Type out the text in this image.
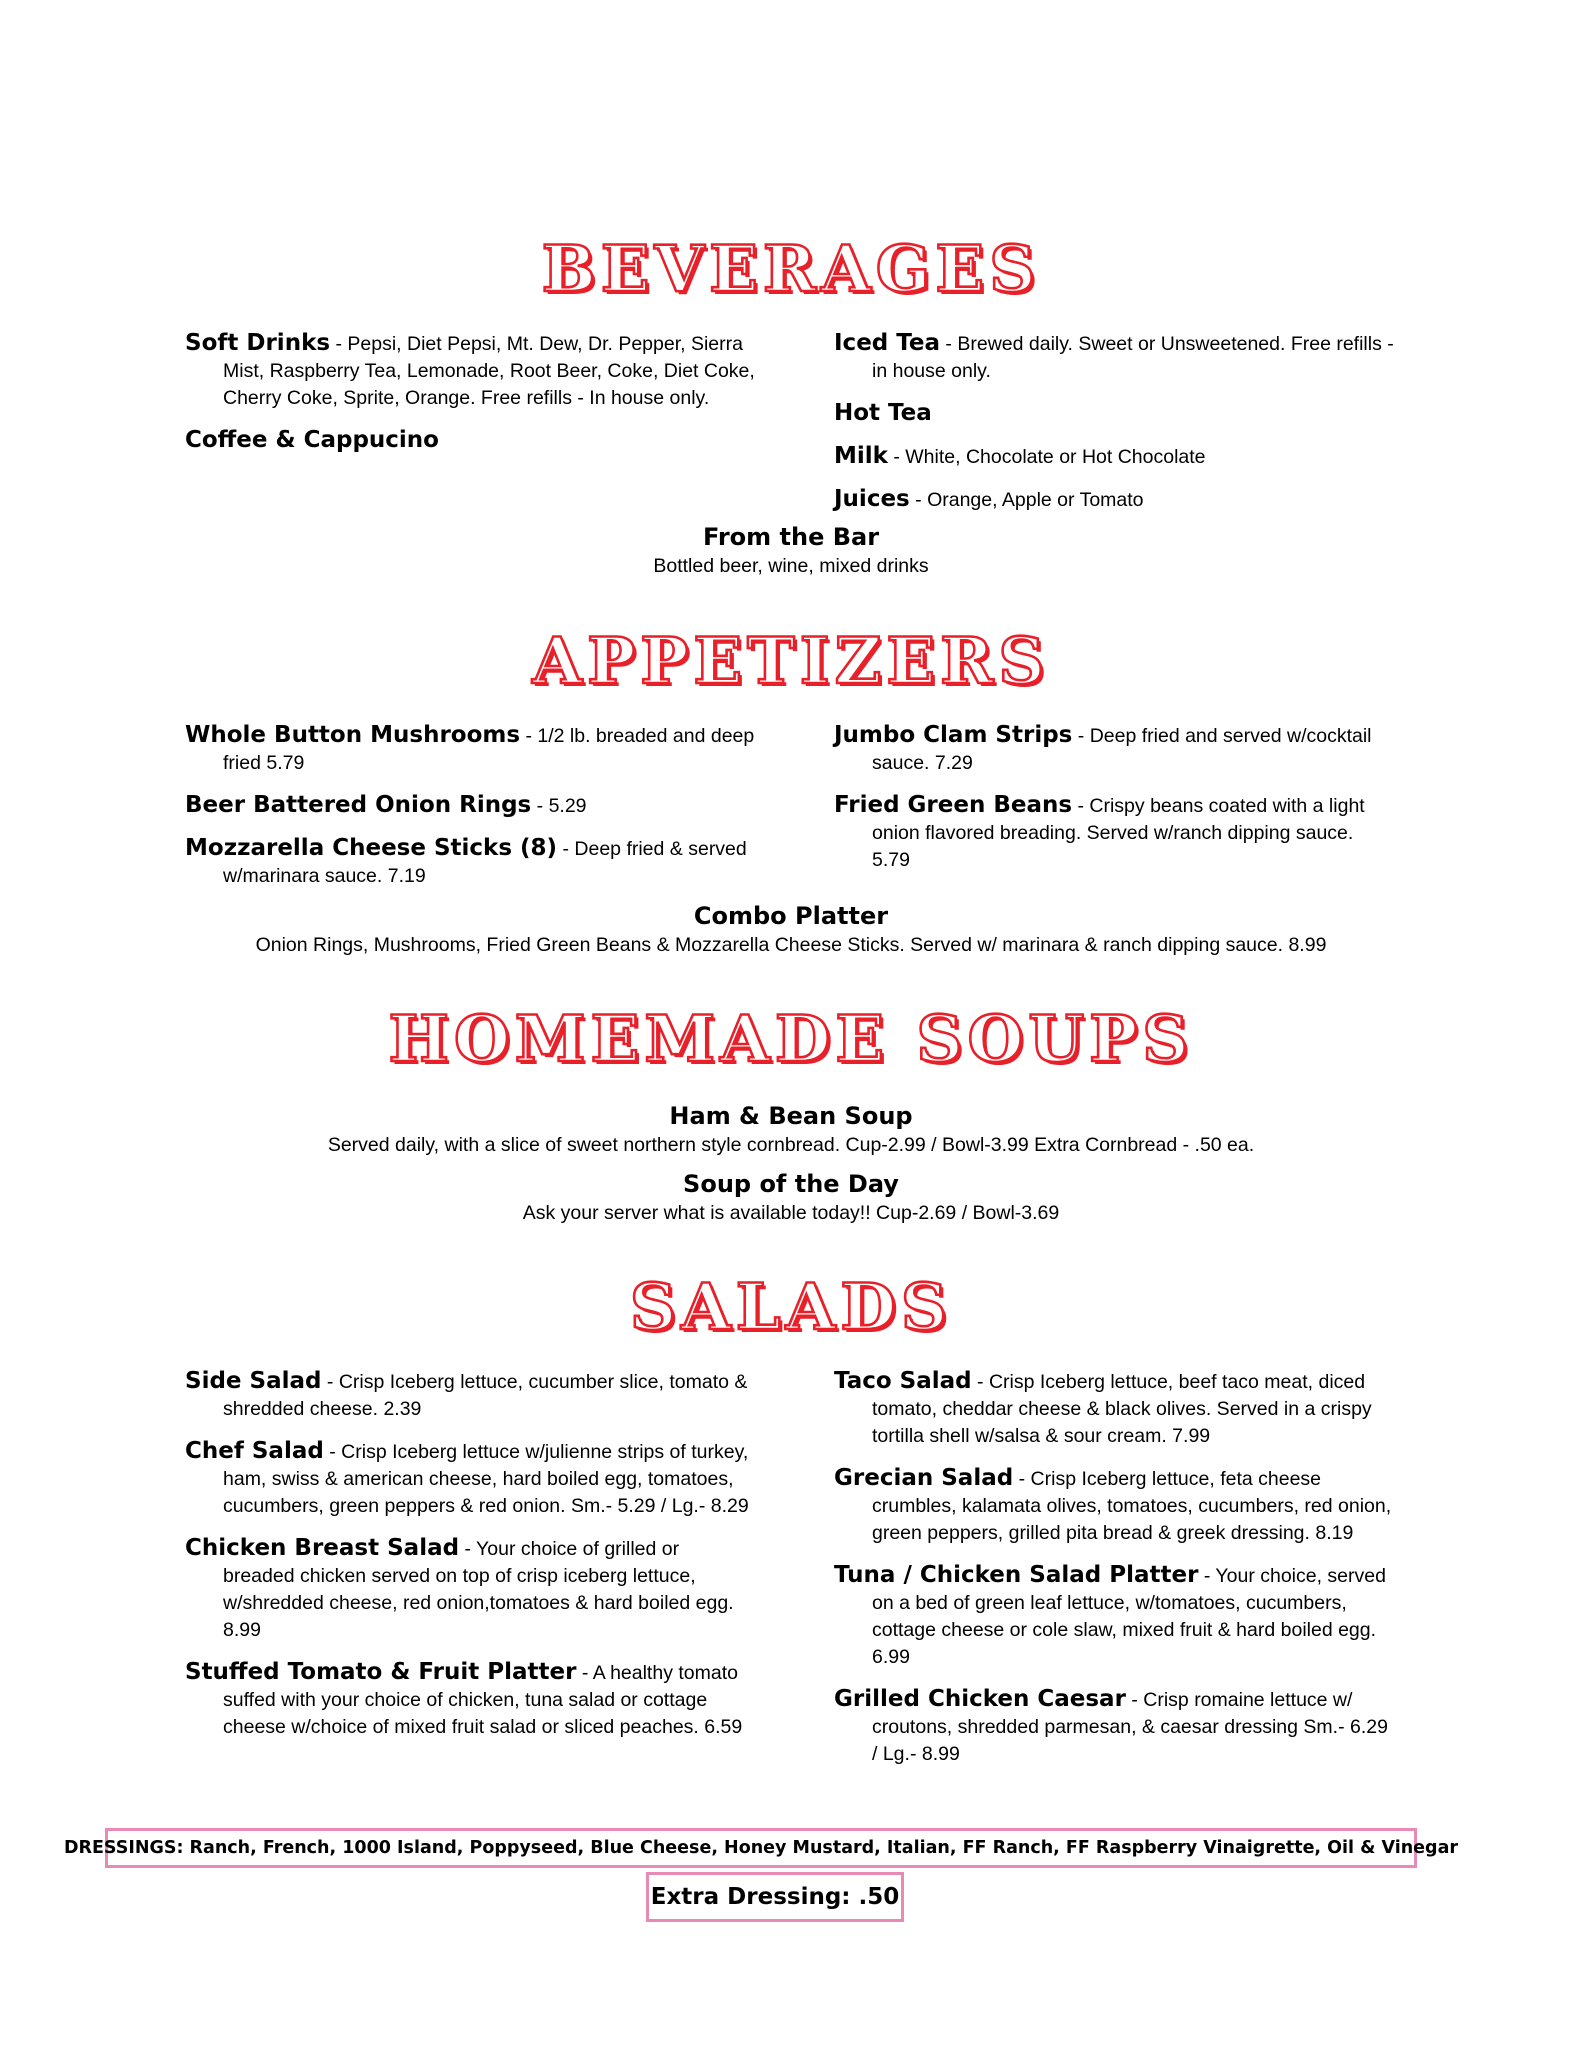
BEVERAGES

Soft Drinks - Pepsi, Diet Pepsi, Mt. Dew, Dr. Pepper, Sierra Mist, Raspberry Tea, Lemonade, Root Beer, Coke, Diet Coke, Cherry Coke, Sprite, Orange. Free refills - In house only.

Coffee & Cappucino

Iced Tea - Brewed daily. Sweet or Unsweetened. Free refills - in house only.

Hot Tea

Milk - White, Chocolate or Hot Chocolate

Juices - Orange, Apple or Tomato

From the Bar
Bottled beer, wine, mixed drinks
APPETIZERS

Whole Button Mushrooms - 1/2 lb. breaded and deep fried 5.79

Beer Battered Onion Rings - 5.29

Mozzarella Cheese Sticks (8) - Deep fried & served w/marinara sauce. 7.19

Jumbo Clam Strips - Deep fried and served w/cocktail sauce. 7.29

Fried Green Beans - Crispy beans coated with a light onion flavored breading. Served w/ranch dipping sauce. 5.79

Combo Platter
Onion Rings, Mushrooms, Fried Green Beans & Mozzarella Cheese Sticks. Served w/ marinara & ranch dipping sauce. 8.99
HOMEMADE SOUPS
Ham & Bean Soup
Served daily, with a slice of sweet northern style cornbread. Cup-2.99 / Bowl-3.99 Extra Cornbread - .50 ea.
Soup of the Day
Ask your server what is available today!! Cup-2.69 / Bowl-3.69
SALADS

Side Salad - Crisp Iceberg lettuce, cucumber slice, tomato & shredded cheese. 2.39

Chef Salad - Crisp Iceberg lettuce w/julienne strips of turkey, ham, swiss & american cheese, hard boiled egg, tomatoes, cucumbers, green peppers & red onion. Sm.- 5.29 / Lg.- 8.29

Chicken Breast Salad - Your choice of grilled or breaded chicken served on top of crisp iceberg lettuce, w/shredded cheese, red onion,tomatoes & hard boiled egg. 8.99

Stuffed Tomato & Fruit Platter - A healthy tomato suffed with your choice of chicken, tuna salad or cottage cheese w/choice of mixed fruit salad or sliced peaches. 6.59

Taco Salad - Crisp Iceberg lettuce, beef taco meat, diced tomato, cheddar cheese & black olives. Served in a crispy tortilla shell w/salsa & sour cream. 7.99

Grecian Salad - Crisp Iceberg lettuce, feta cheese crumbles, kalamata olives, tomatoes, cucumbers, red onion, green peppers, grilled pita bread & greek dressing. 8.19

Tuna / Chicken Salad Platter - Your choice, served on a bed of green leaf lettuce, w/tomatoes, cucumbers, cottage cheese or cole slaw, mixed fruit & hard boiled egg. 6.99

Grilled Chicken Caesar - Crisp romaine lettuce w/ croutons, shredded parmesan, & caesar dressing Sm.- 6.29 / Lg.- 8.99

DRESSINGS: Ranch, French, 1000 Island, Poppyseed, Blue Cheese, Honey Mustard, Italian, FF Ranch, FF Raspberry Vinaigrette, Oil & Vinegar
Extra Dressing: .50
